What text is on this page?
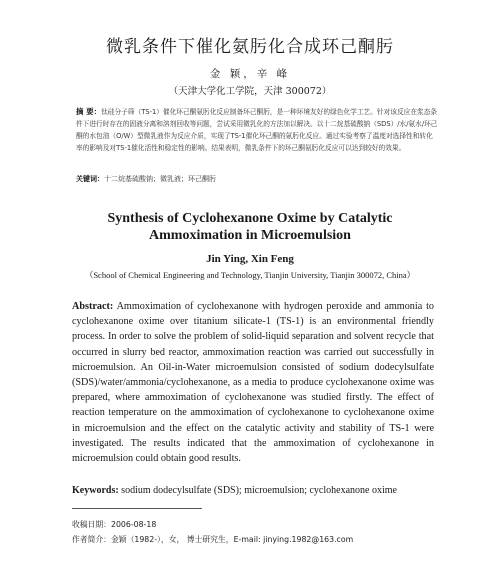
微乳条件下催化氨肟化合成环己酮肟
金 颖，辛 峰
（天津大学化工学院，天津 300072）
摘 要：钛硅分子筛（TS-1）催化环己酮氨肟化反应制备环己酮肟，是一种环境友好的绿色化学工艺。针对该反应在浆态条件下进行时存在的固液分离和溶剂回收等问题，尝试采用微乳化的方法加以解决。以十二烷基硫酸钠（SDS）/水/氨水/环己酮的水包油（O/W）型微乳液作为反应介质，实现了TS-1催化环己酮的氨肟化反应。通过实验考察了温度对选择性和转化率的影响及对TS-1催化活性和稳定性的影响。结果表明，微乳条件下的环己酮氨肟化反应可以达到较好的效果。
关键词：十二烷基硫酸钠；微乳液；环己酮肟
Synthesis of Cyclohexanone Oxime by Catalytic
Ammoximation in Microemulsion
Jin Ying, Xin Feng
（School of Chemical Engineering and Technology, Tianjin University, Tianjin 300072, China）
Abstract: Ammoximation of cyclohexanone with hydrogen peroxide and ammonia to cyclohexanone oxime over titanium silicate-1 (TS-1) is an environmental friendly process. In order to solve the problem of solid-liquid separation and solvent recycle that occurred in slurry bed reactor, ammoximation reaction was carried out successfully in microemulsion. An Oil-in-Water microemulsion consisted of sodium dodecylsulfate (SDS)/water/ammonia/cyclohexanone, as a media to produce cyclohexanone oxime was prepared, where ammoximation of cyclohexanone was studied firstly. The effect of reaction temperature on the ammoximation of cyclohexanone to cyclohexanone oxime in microemulsion and the effect on the catalytic activity and stability of TS-1 were investigated. The results indicated that the ammoximation of cyclohexanone in microemulsion could obtain good results.
Keywords: sodium dodecylsulfate (SDS); microemulsion; cyclohexanone oxime
收稿日期：2006-08-18
作者简介：金颖（1982-），女， 博士研究生，E-mail: jinying.1982@163.com
